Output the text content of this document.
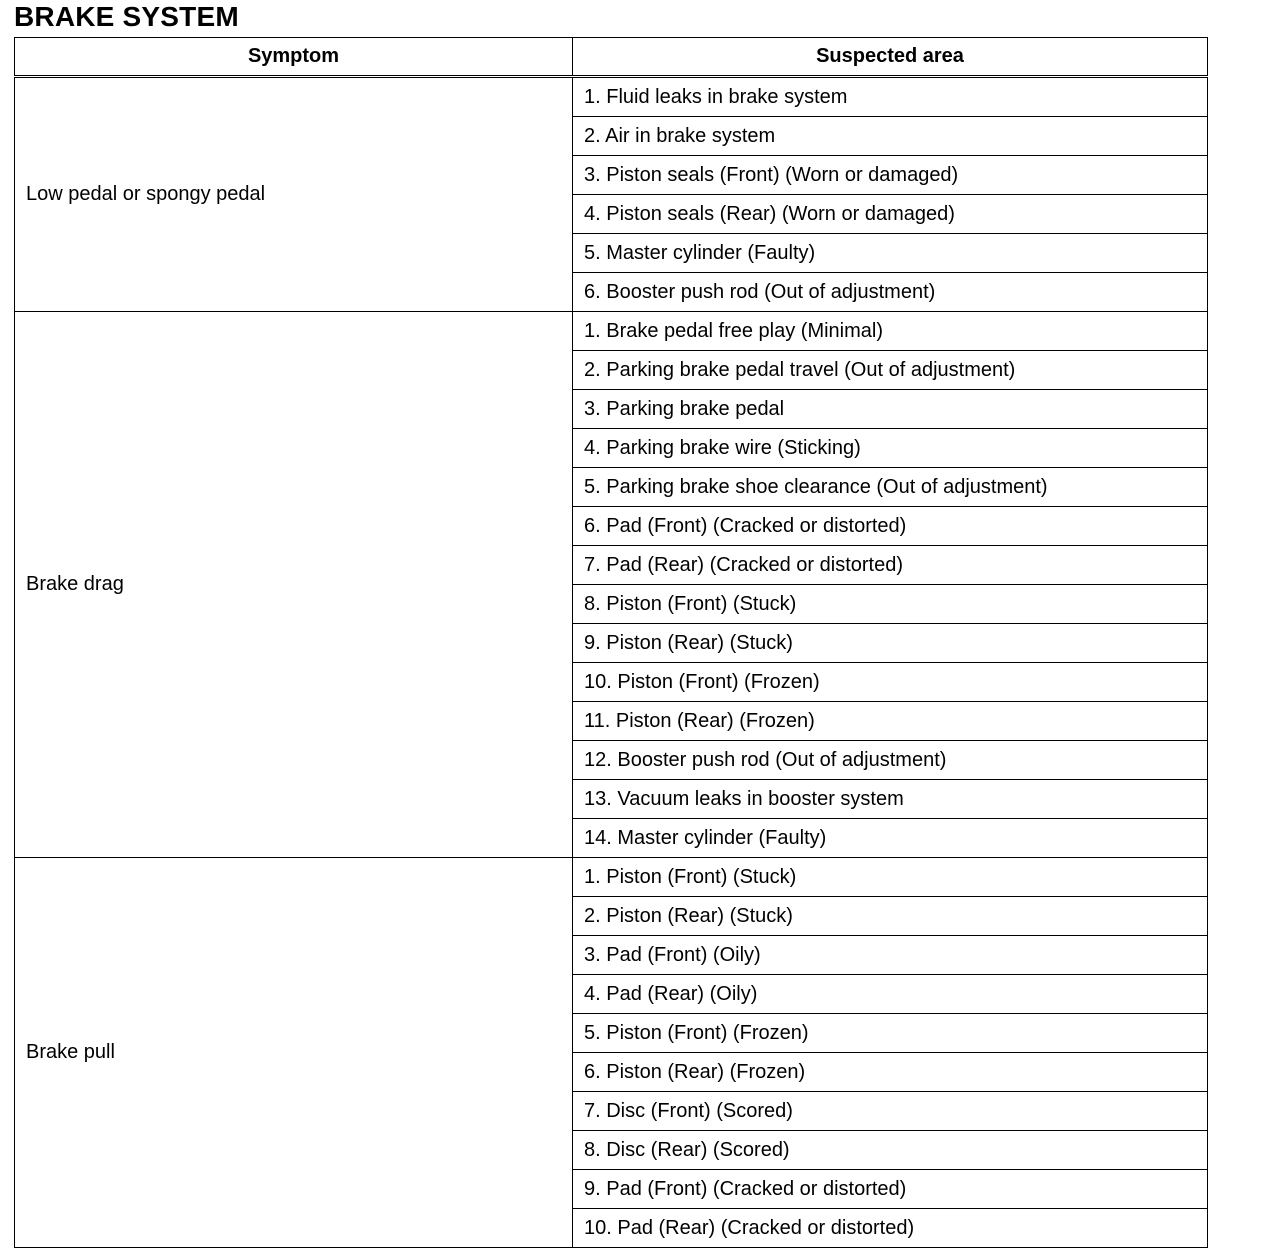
BRAKE SYSTEM
Symptom	Suspected area
Low pedal or spongy pedal	1. Fluid leaks in brake system
	2. Air in brake system
	3. Piston seals (Front) (Worn or damaged)
	4. Piston seals (Rear) (Worn or damaged)
	5. Master cylinder (Faulty)
	6. Booster push rod (Out of adjustment)
Brake drag	1. Brake pedal free play (Minimal)
	2. Parking brake pedal travel (Out of adjustment)
	3. Parking brake pedal
	4. Parking brake wire (Sticking)
	5. Parking brake shoe clearance (Out of adjustment)
	6. Pad (Front) (Cracked or distorted)
	7. Pad (Rear) (Cracked or distorted)
	8. Piston (Front) (Stuck)
	9. Piston (Rear) (Stuck)
	10. Piston (Front) (Frozen)
	11. Piston (Rear) (Frozen)
	12. Booster push rod (Out of adjustment)
	13. Vacuum leaks in booster system
	14. Master cylinder (Faulty)
Brake pull	1. Piston (Front) (Stuck)
	2. Piston (Rear) (Stuck)
	3. Pad (Front) (Oily)
	4. Pad (Rear) (Oily)
	5. Piston (Front) (Frozen)
	6. Piston (Rear) (Frozen)
	7. Disc (Front) (Scored)
	8. Disc (Rear) (Scored)
	9. Pad (Front) (Cracked or distorted)
	10. Pad (Rear) (Cracked or distorted)
